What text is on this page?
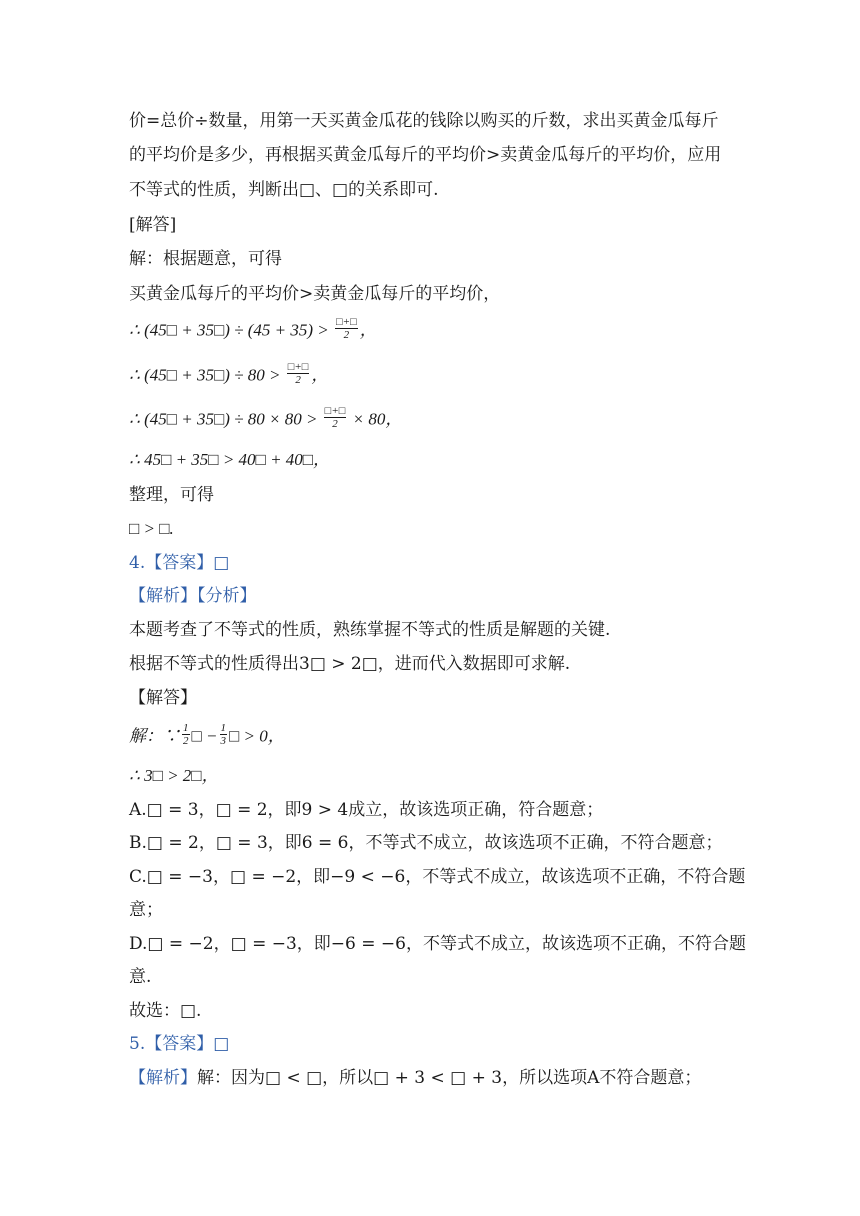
价=总价÷数量，用第一天买黄金瓜花的钱除以购买的斤数，求出买黄金瓜每斤
的平均价是多少，再根据买黄金瓜每斤的平均价>卖黄金瓜每斤的平均价，应用
不等式的性质，判断出□、□的关系即可.
[解答]
解：根据题意，可得
买黄金瓜每斤的平均价>卖黄金瓜每斤的平均价，
∴ (45□ + 35□) ÷ $(45 + 35) > \frac{□+□}{2}$ ，
∴ (45□ + 35□) ÷ $80 > \frac{□+□}{2}$ ，
∴ (45□ + 35□) ÷ $80 \times 80 > \frac{□+□}{2} \times 80$，
∴ 45□ + 35□ > 40□ + 40□，
整理，可得
□ > □.
4.【答案】□
【解析】【分析】
本题考查了不等式的性质，熟练掌握不等式的性质是解题的关键.
根据不等式的性质得出3□ > 2□，进而代入数据即可求解.
【解答】
解：∵ $\frac{1}{2}$ □ − $\frac{1}{3}$ □ > 0，
∴ 3□ > 2□，
A.□ = 3，□ = 2，即9 > 4成立，故该选项正确，符合题意；
B.□ = 2，□ = 3，即6 = 6，不等式不成立，故该选项不正确，不符合题意；
C.□ = −3，□ = −2，即−9 < −6，不等式不成立，故该选项不正确，不符合题
意；
D.□ = −2，□ = −3，即−6 = −6，不等式不成立，故该选项不正确，不符合题
意.
故选：□.
5.【答案】□
【解析】解：因为□ < □，所以□ + 3 < □ + 3，所以选项A不符合题意；
